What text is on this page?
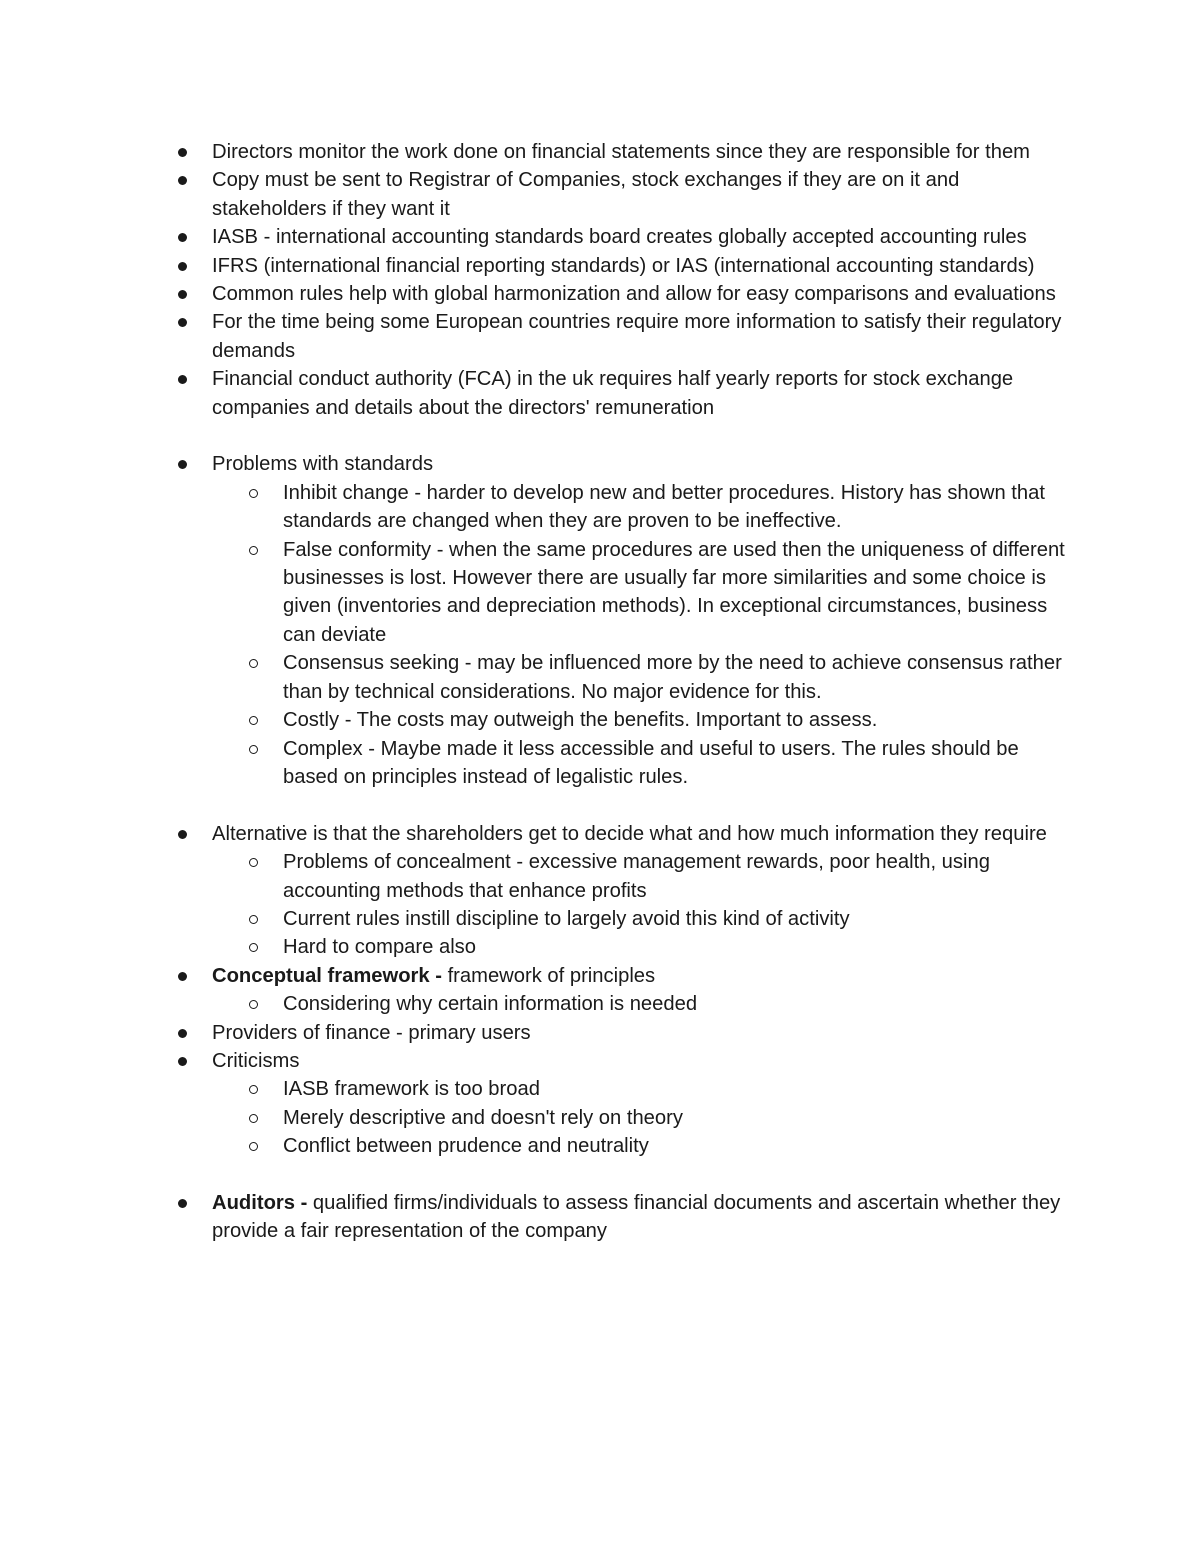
Directors monitor the work done on financial statements since they are responsible for them
Copy must be sent to Registrar of Companies, stock exchanges if they are on it and stakeholders if they want it
IASB - international accounting standards board creates globally accepted accounting rules
IFRS (international financial reporting standards) or IAS (international accounting standards)
Common rules help with global harmonization and allow for easy comparisons and evaluations
For the time being some European countries require more information to satisfy their regulatory demands
Financial conduct authority (FCA) in the uk requires half yearly reports for stock exchange companies and details about the directors' remuneration
Problems with standards
Inhibit change - harder to develop new and better procedures. History has shown that standards are changed when they are proven to be ineffective.
False conformity - when the same procedures are used then the uniqueness of different businesses is lost. However there are usually far more similarities and some choice is given (inventories and depreciation methods). In exceptional circumstances, business can deviate
Consensus seeking - may be influenced more by the need to achieve consensus rather than by technical considerations. No major evidence for this.
Costly - The costs may outweigh the benefits. Important to assess.
Complex - Maybe made it less accessible and useful to users. The rules should be based on principles instead of legalistic rules.
Alternative is that the shareholders get to decide what and how much information they require
Problems of concealment - excessive management rewards, poor health, using accounting methods that enhance profits
Current rules instill discipline to largely avoid this kind of activity
Hard to compare also
Conceptual framework - framework of principles
Considering why certain information is needed
Providers of finance - primary users
Criticisms
IASB framework is too broad
Merely descriptive and doesn't rely on theory
Conflict between prudence and neutrality
Auditors - qualified firms/individuals to assess financial documents and ascertain whether they provide a fair representation of the company
